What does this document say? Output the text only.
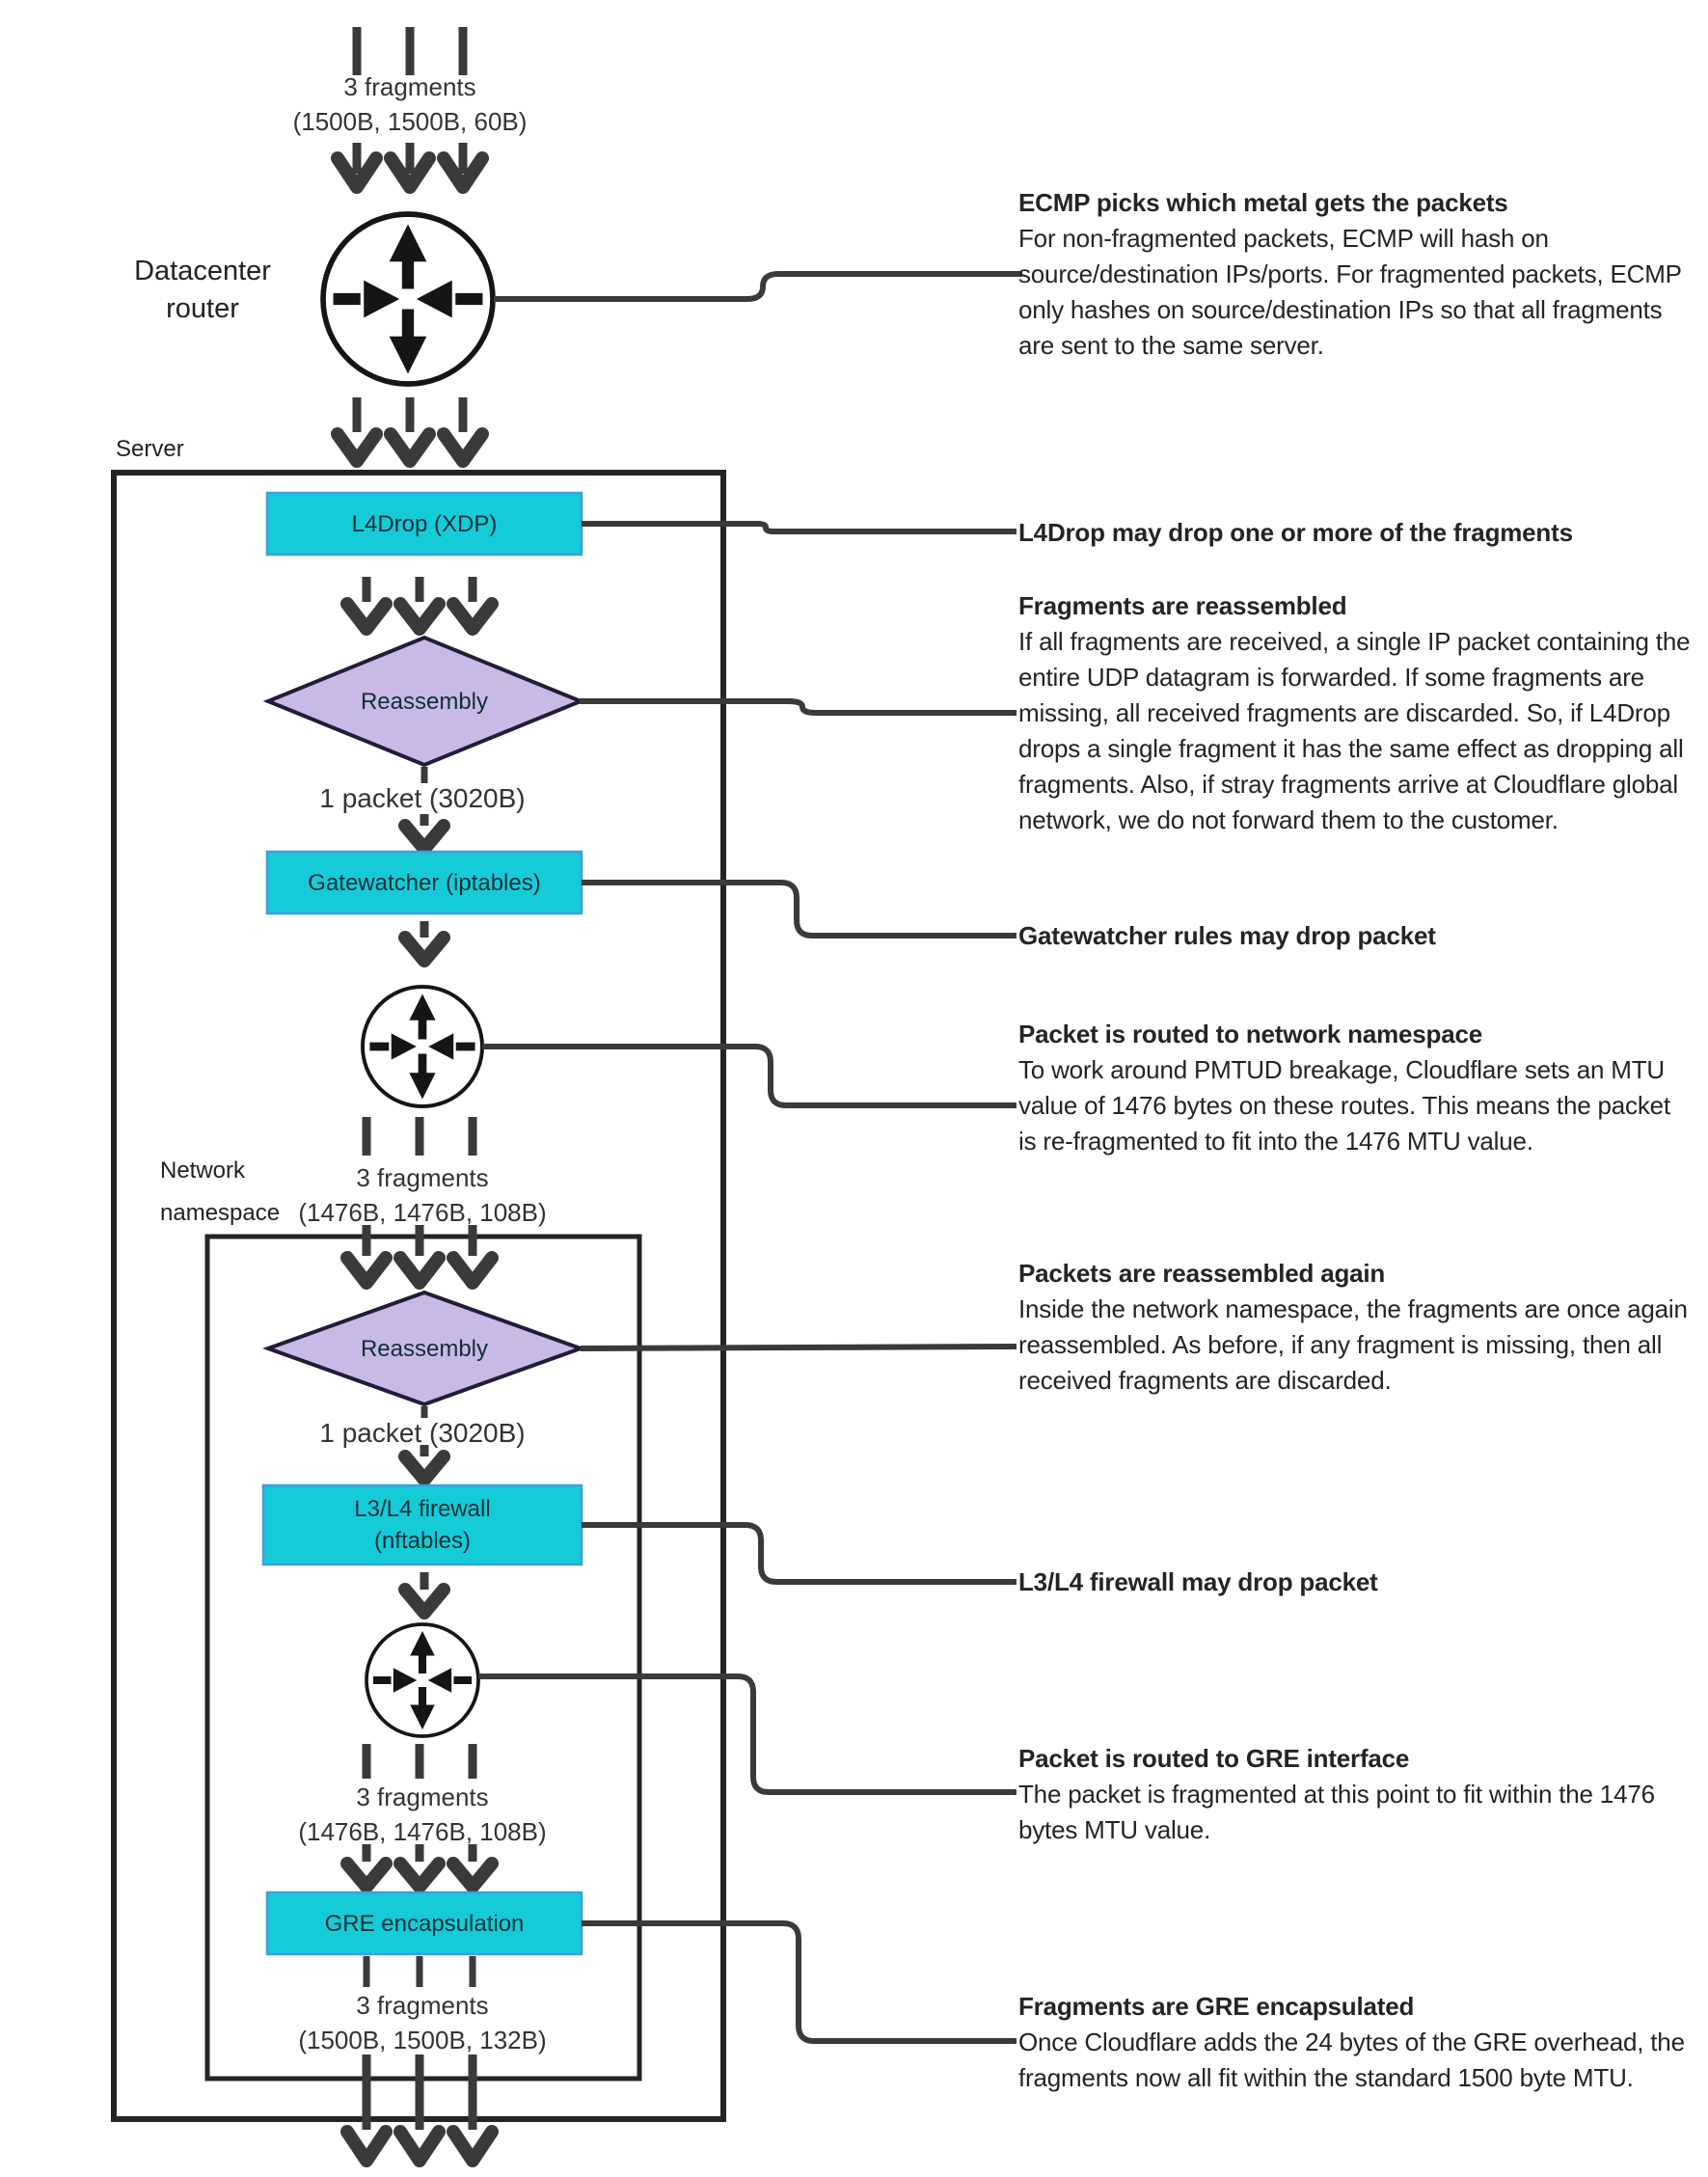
Datacenter router
Server
Network namespace
3 fragments
(1500B, 1500B, 60B)
1 packet (3020B)
3 fragments
(1476B, 1476B, 108B)
1 packet (3020B)
3 fragments
(1476B, 1476B, 108B)
3 fragments
(1500B, 1500B, 132B)
L4Drop (XDP)
Reassembly
Gatewatcher (iptables)
Reassembly
L3/L4 firewall
(nftables)
GRE encapsulation
ECMP picks which metal gets the packets
For non-fragmented packets, ECMP will hash on source/destination IPs/ports. For fragmented packets, ECMP only hashes on source/destination IPs so that all fragments are sent to the same server.
L4Drop may drop one or more of the fragments
Fragments are reassembled
If all fragments are received, a single IP packet containing the entire UDP datagram is forwarded. If some fragments are missing, all received fragments are discarded. So, if L4Drop drops a single fragment it has the same effect as dropping all fragments. Also, if stray fragments arrive at Cloudflare global network, we do not forward them to the customer.
Gatewatcher rules may drop packet
Packet is routed to network namespace
To work around PMTUD breakage, Cloudflare sets an MTU value of 1476 bytes on these routes. This means the packet is re-fragmented to fit into the 1476 MTU value.
Packets are reassembled again
Inside the network namespace, the fragments are once again reassembled. As before, if any fragment is missing, then all received fragments are discarded.
L3/L4 firewall may drop packet
Packet is routed to GRE interface
The packet is fragmented at this point to fit within the 1476 bytes MTU value.
Fragments are GRE encapsulated
Once Cloudflare adds the 24 bytes of the GRE overhead, the fragments now all fit within the standard 1500 byte MTU.
